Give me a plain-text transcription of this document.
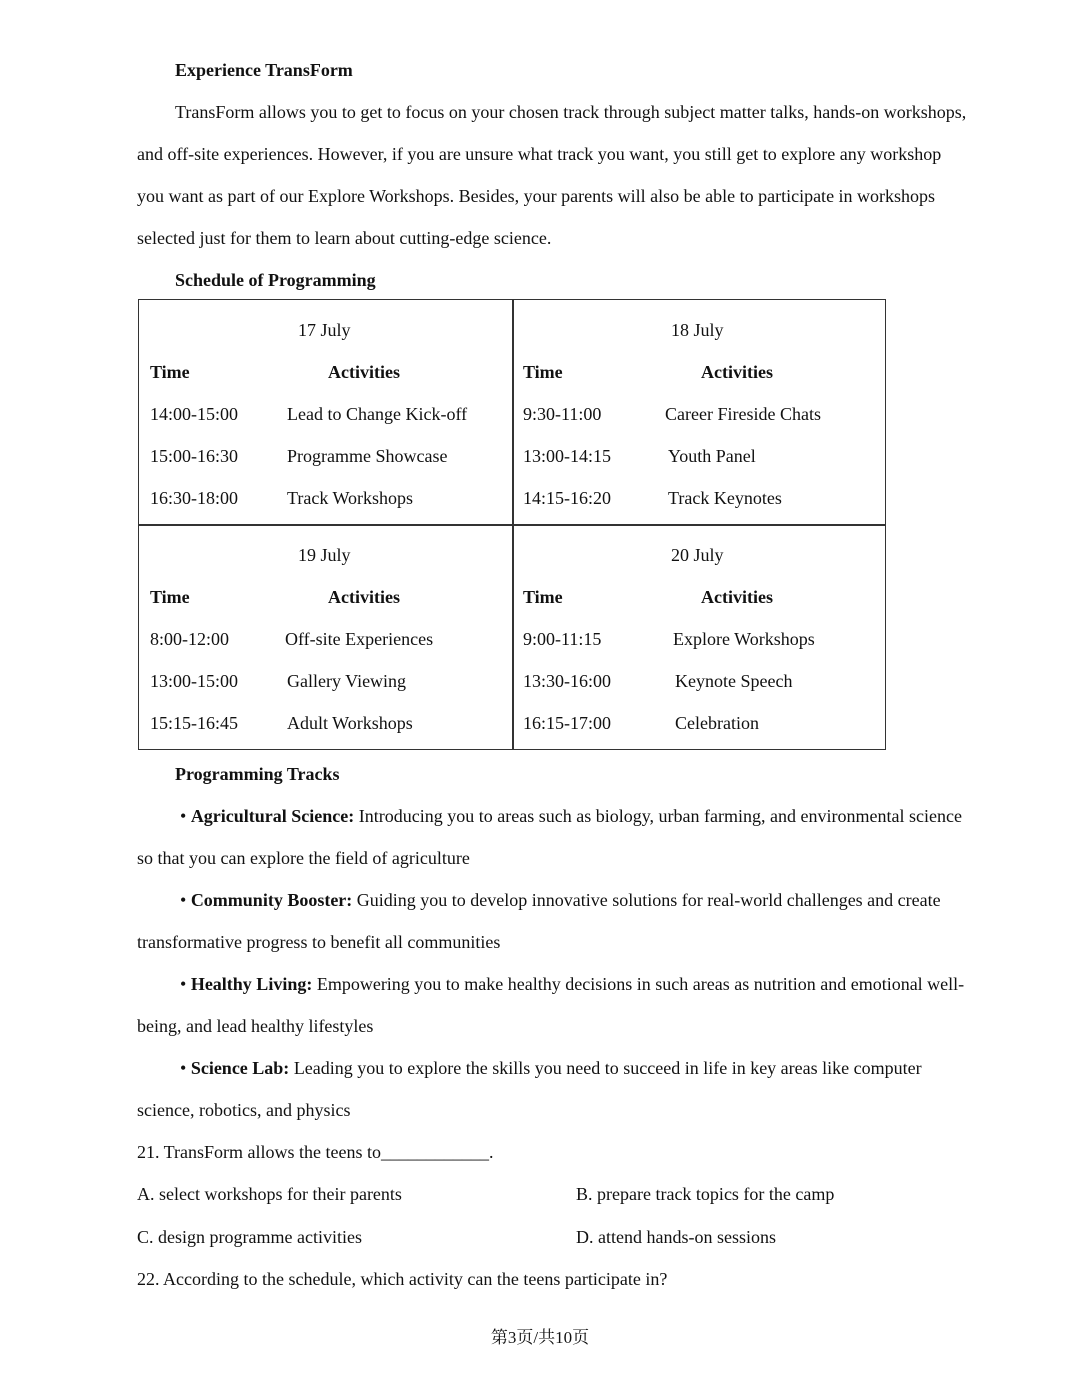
Experience TransForm
TransForm allows you to get to focus on your chosen track through subject matter talks, hands-on workshops,
and off-site experiences. However, if you are unsure what track you want, you still get to explore any workshop
you want as part of our Explore Workshops. Besides, your parents will also be able to participate in workshops
selected just for them to learn about cutting-edge science.
Schedule of Programming
17 July
Time	Activities
14:00-15:00	Lead to Change Kick-off
15:00-16:30	Programme Showcase
16:30-18:00	Track Workshops
18 July
Time	Activities
9:30-11:00	Career Fireside Chats
13:00-14:15	Youth Panel
14:15-16:20	Track Keynotes
19 July
Time	Activities
8:00-12:00	Off-site Experiences
13:00-15:00	Gallery Viewing
15:15-16:45	Adult Workshops
20 July
Time	Activities
9:00-11:15	Explore Workshops
13:30-16:00	Keynote Speech
16:15-17:00	Celebration
Programming Tracks
• Agricultural Science: Introducing you to areas such as biology, urban farming, and environmental science
so that you can explore the field of agriculture
• Community Booster: Guiding you to develop innovative solutions for real-world challenges and create
transformative progress to benefit all communities
• Healthy Living: Empowering you to make healthy decisions in such areas as nutrition and emotional well-
being, and lead healthy lifestyles
• Science Lab: Leading you to explore the skills you need to succeed in life in key areas like computer
science, robotics, and physics
21. TransForm allows the teens to____________.
A. select workshops for their parents	B. prepare track topics for the camp
C. design programme activities	D. attend hands-on sessions
22. According to the schedule, which activity can the teens participate in?
第3页/共10页
